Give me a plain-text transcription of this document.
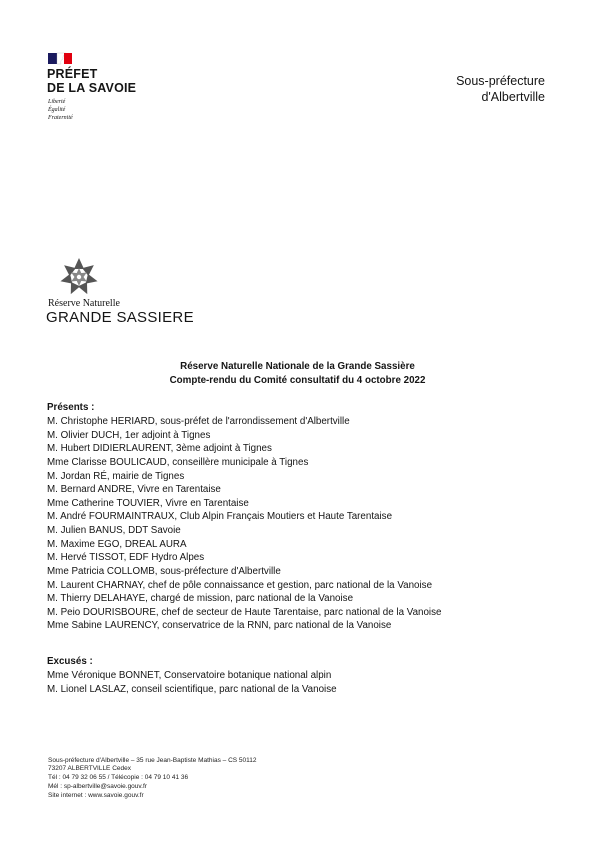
PRÉFET
DE LA SAVOIE
Liberté
Égalité
Fraternité
Sous-préfecture
d'Albertville
Réserve Naturelle
GRANDE SASSIERE
Réserve Naturelle Nationale de la Grande Sassière
Compte-rendu du Comité consultatif du 4 octobre 2022
Présents :
M. Christophe HERIARD, sous-préfet de l'arrondissement d'Albertville
M. Olivier DUCH, 1er adjoint à Tignes
M. Hubert DIDIERLAURENT, 3ème adjoint à Tignes
Mme Clarisse BOULICAUD, conseillère municipale à Tignes
M. Jordan RÉ, mairie de Tignes
M. Bernard ANDRE, Vivre en Tarentaise
Mme Catherine TOUVIER, Vivre en Tarentaise
M. André FOURMAINTRAUX, Club Alpin Français Moutiers et Haute Tarentaise
M. Julien BANUS, DDT Savoie
M. Maxime EGO, DREAL AURA
M. Hervé TISSOT, EDF Hydro Alpes
Mme Patricia COLLOMB, sous-préfecture d'Albertville
M. Laurent CHARNAY, chef de pôle connaissance et gestion, parc national de la Vanoise
M. Thierry DELAHAYE, chargé de mission, parc national de la Vanoise
M. Peio DOURISBOURE, chef de secteur de Haute Tarentaise, parc national de la Vanoise
Mme Sabine LAURENCY, conservatrice de la RNN, parc national de la Vanoise
Excusés :
Mme Véronique BONNET, Conservatoire botanique national alpin
M. Lionel LASLAZ, conseil scientifique, parc national de la Vanoise
Sous-préfecture d'Albertville – 35 rue Jean-Baptiste Mathias – CS 50112
73207 ALBERTVILLE Cedex
Tél : 04 79 32 06 55 / Télécopie : 04 79 10 41 36
Mél : sp-albertville@savoie.gouv.fr
Site internet : www.savoie.gouv.fr
